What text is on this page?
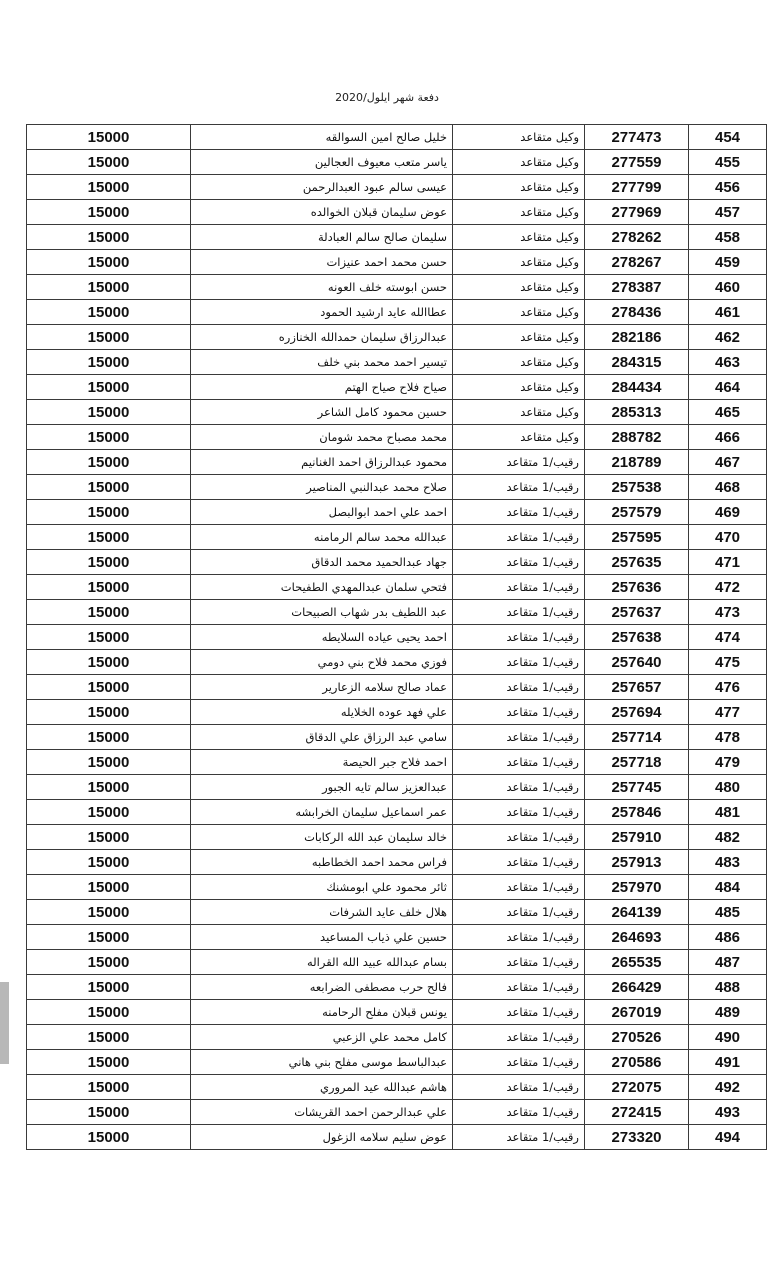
دفعة شهر ايلول/2020
15000	خليل صالح امين السوالقه	وكيل متقاعد	277473	454
15000	ياسر متعب معيوف العجالين	وكيل متقاعد	277559	455
15000	عيسى سالم عبود العبدالرحمن	وكيل متقاعد	277799	456
15000	عوض سليمان قبلان الخوالده	وكيل متقاعد	277969	457
15000	سليمان صالح سالم العبادلة	وكيل متقاعد	278262	458
15000	حسن محمد احمد عنيزات	وكيل متقاعد	278267	459
15000	حسن ابوسته خلف العونه	وكيل متقاعد	278387	460
15000	عطاالله عايد ارشيد الحمود	وكيل متقاعد	278436	461
15000	عبدالرزاق سليمان حمدالله الخنازره	وكيل متقاعد	282186	462
15000	تيسير احمد محمد بني خلف	وكيل متقاعد	284315	463
15000	صياح فلاح صياح الهتم	وكيل متقاعد	284434	464
15000	حسين محمود كامل الشاعر	وكيل متقاعد	285313	465
15000	محمد مصباح محمد شومان	وكيل متقاعد	288782	466
15000	محمود عبدالرزاق احمد الغنانيم	رقيب/1 متقاعد	218789	467
15000	صلاح محمد عبدالنبي المناصير	رقيب/1 متقاعد	257538	468
15000	احمد علي احمد ابوالبصل	رقيب/1 متقاعد	257579	469
15000	عبدالله محمد سالم الرمامنه	رقيب/1 متقاعد	257595	470
15000	جهاد عبدالحميد محمد الدقاق	رقيب/1 متقاعد	257635	471
15000	فتحي سلمان عبدالمهدي الطفيحات	رقيب/1 متقاعد	257636	472
15000	عبد اللطيف بدر شهاب الصبيحات	رقيب/1 متقاعد	257637	473
15000	احمد يحيى عياده السلايطه	رقيب/1 متقاعد	257638	474
15000	فوزي محمد فلاح بني دومي	رقيب/1 متقاعد	257640	475
15000	عماد صالح سلامه الزعارير	رقيب/1 متقاعد	257657	476
15000	علي فهد عوده الخلايله	رقيب/1 متقاعد	257694	477
15000	سامي عبد الرزاق علي الدقاق	رقيب/1 متقاعد	257714	478
15000	احمد فلاح جبر الحيصة	رقيب/1 متقاعد	257718	479
15000	عبدالعزيز سالم تايه الجبور	رقيب/1 متقاعد	257745	480
15000	عمر اسماعيل سليمان الخرابشه	رقيب/1 متقاعد	257846	481
15000	خالد سليمان عبد الله الركابات	رقيب/1 متقاعد	257910	482
15000	فراس محمد احمد الخطاطبه	رقيب/1 متقاعد	257913	483
15000	ثائر محمود علي ابومشنك	رقيب/1 متقاعد	257970	484
15000	هلال خلف عايد الشرفات	رقيب/1 متقاعد	264139	485
15000	حسين علي ذياب المساعيد	رقيب/1 متقاعد	264693	486
15000	بسام عبدالله عبيد الله القراله	رقيب/1 متقاعد	265535	487
15000	فالح حرب مصطفى الضرابعه	رقيب/1 متقاعد	266429	488
15000	يونس قبلان مفلح الرحامنه	رقيب/1 متقاعد	267019	489
15000	كامل محمد علي الزعبي	رقيب/1 متقاعد	270526	490
15000	عبدالباسط موسى مفلح بني هاني	رقيب/1 متقاعد	270586	491
15000	هاشم عبدالله عيد المروري	رقيب/1 متقاعد	272075	492
15000	علي عبدالرحمن احمد القريشات	رقيب/1 متقاعد	272415	493
15000	عوض سليم سلامه الزغول	رقيب/1 متقاعد	273320	494
